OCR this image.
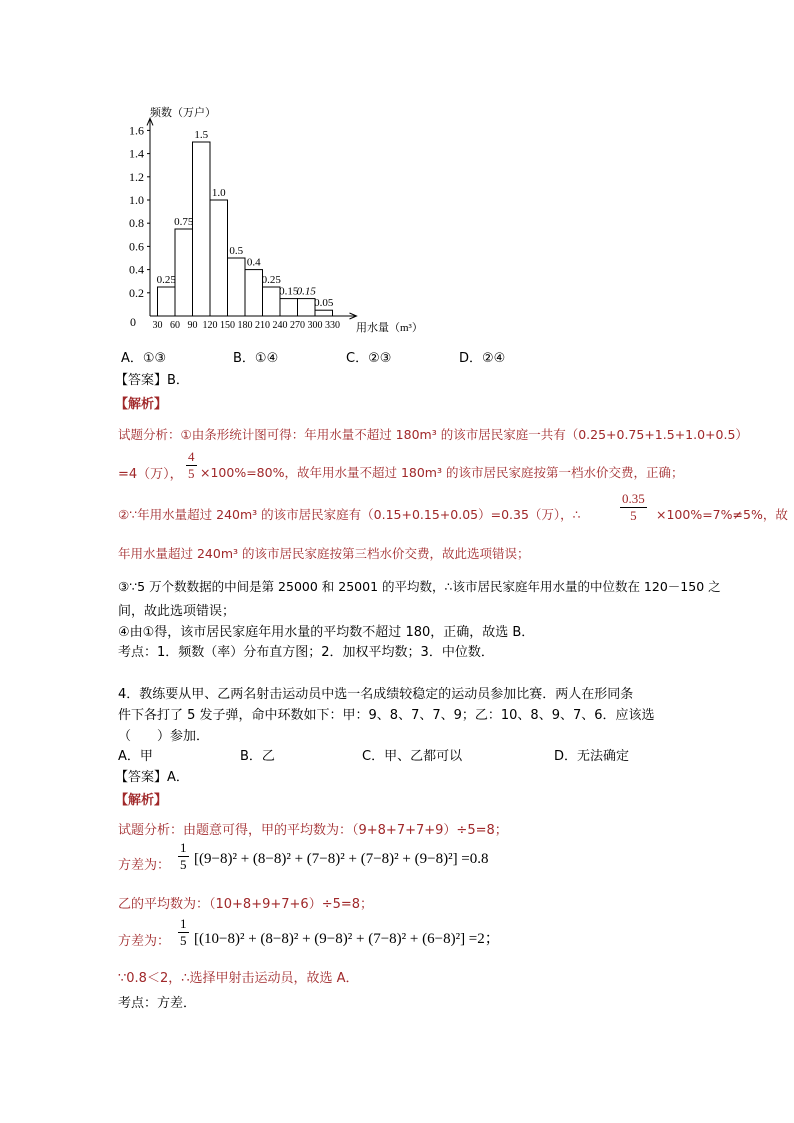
0.25
0.75
1.5
1.0
0.5
0.4
0.25
0.15
0.15
0.05
0
0.2
0.4
0.6
0.8
1.0
1.2
1.4
1.6
30 60 90 120 150 180 210 240 270 300 330
频数（万户）
用水量（m³）
A．①③	B．①④	C．②③	D．②④
【答案】B．
【解析】
试题分析：①由条形统计图可得：年用水量不超过 180m³ 的该市居民家庭一共有（0.25+0.75+1.5+1.0+0.5）
=4（万）， $\frac{4}{5} \times 100\%=80\%$，故年用水量不超过 180m³ 的该市居民家庭按第一档水价交费，正确；
②∵年用水量超过 240m³ 的该市居民家庭有（0.15+0.15+0.05）=0.35（万），∴	$\frac{0.35}{5} \times 100\%=7\%\ne 5\%$，故
年用水量超过 240m³ 的该市居民家庭按第三档水价交费，故此选项错误；
③∵5 万个数数据的中间是第 25000 和 25001 的平均数，∴该市居民家庭年用水量的中位数在 120－150 之
间，故此选项错误；
④由①得，该市居民家庭年用水量的平均数不超过 180，正确，故选 B．
考点：1．频数（率）分布直方图；2．加权平均数；3．中位数．
4．教练要从甲、乙两名射击运动员中选一名成绩较稳定的运动员参加比赛．两人在形同条
件下各打了 5 发子弹，命中环数如下：甲：9、8、7、7、9；乙：10、8、9、7、6．应该选
（　　）参加．
A．甲	B．乙	C．甲、乙都可以	D．无法确定
【答案】A．
【解析】
试题分析：由题意可得，甲的平均数为：（9+8+7+7+9）÷5=8；
方差为： $\frac{1}{5} [(9-8)^2 + (8-8)^2 + (7-8)^2 + (7-8)^2 + (9-8)^2] =0.8$
乙的平均数为：（10+8+9+7+6）÷5=8；
方差为： $\frac{1}{5} [(10-8)^2 + (8-8)^2 + (9-8)^2 + (7-8)^2 + (6-8)^2] =2$；
∵0.8＜2，∴选择甲射击运动员，故选 A．
考点：方差．
